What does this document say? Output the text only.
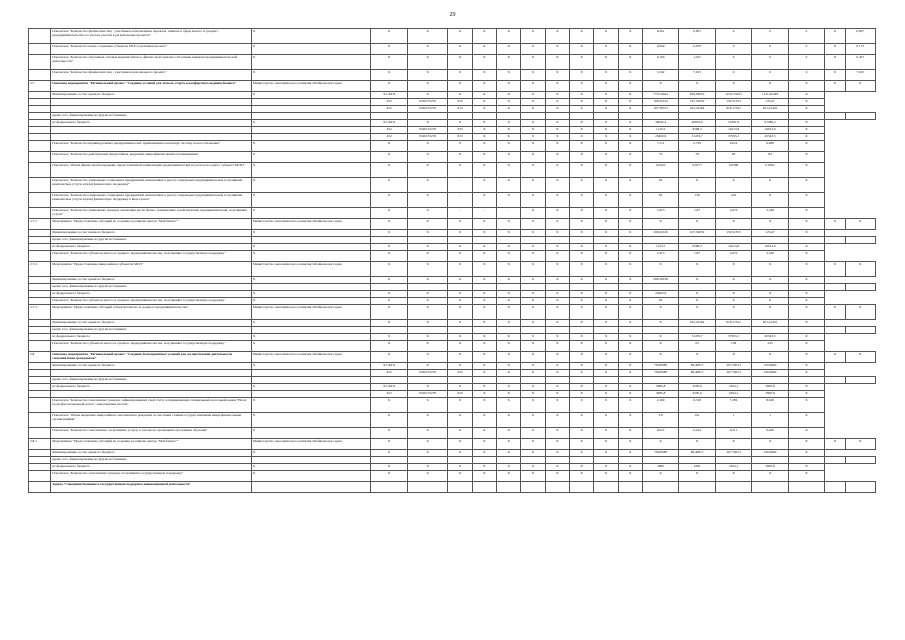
29
	Показатель "Количество физических лиц - участников региональных проектов, занятых в сфере малого и среднего предпринимательства, по итогам участия в региональных проектах"	X	X	X	X	X	X	X	X	X	X	X	6,261	0,007	0	0	0		X	0,007
	Показатель "Количество вновь созданных субъектов МСП участников проекта"	X	X	X	X	X	X	X	X	X	X	X	0,069	0,079	0	0	0		X	0,173
	Показатель "Количество обученных основам ведения бизнеса, финансовой грамотности и иным навыкам предпринимательской деятельности"	X	X	X	X	X	X	X	X	X	X	X	6,100	1,457	0	0	0		X	0,457
	Показатель "Количество физических лиц - участников регионального проекта"	X	X	X	X	X	X	X	X	X	X	X	3,342	7,915	0	0	0		X	7,915
2.7	Основное мероприятие "Региональный проект "Создание условий для легкого старта и комфортного ведения бизнеса"	Министерство экономического развития Забайкальского края	X	X	X	X	X	X	X	X	X	X	X	X	X	X	X		X	X
	Финансирование за счет краевого бюджета	X	X.СКГО	X	X	X	X	X	X	X	X	X	775,54024	819,03019	1031,23255	1211,00429	X	
			452	0320155270	633	X	X	X	X	X	X	X	168,32145	107,52059	150,51353	125,47	X	
			452	0320155270	813	X	X	X	X	X	X	X	107,39373	912,34164	918,17341	921,41425	X	
	кроме того, финансирование из других источников:																			
	из федерального бюджета	X	X.СКГО	X	X	X	X	X	X	X	X	X	36092,4	40659,9	51891,9	61389,2	X	
			452	0320155270	633	X	X	X	X	X	X	X	1125,5	9568,2	14213,8	16014,9	X	
			452	0320155270	813	X	X	X	X	X	X	X	20460,9	31476,7	37593,1	45343,3	X	
	Показатель "Количество индивидуальных предпринимателей, применяющих патентную систему налогообложения"	X	X	X	X	X	X	X	X	X	X	X	7,511	2,729	6,019	6,489	X	
	Показатель "Количество действующих микрозаймов, выданных микрофинансовыми организациями"	X	X	X	X	X	X	X	X	X	X	X	73	78	83	84	X	
	Показатель "Объем финансовой поддержки, предоставленной начинающим предпринимателям (в расчете на одного субъекта МСП)"	X	X	X	X	X	X	X	X	X	X	X	0,0425	0,0277	0,0309	0,0302	X	
	Показатель "Количество уникальных социальных предприятий, включенных в реестр социальных предпринимателей, получивших комплексные услуги и (или) финансовую поддержку"	X	X	X	-	X	X	X	X	X	X	X	63	X	X	X	X	
	Показатель "Количество уникальных социальных предприятий, включенных в реестр социальных предпринимателей, получивших комплексные услуги и (или) финансовую поддержку в виде гранта"	X	X	X	-	X	X	X	X	X	X	X	63	158	243	X	X	
	Показатель "Количество уникальных граждан, желающих вести бизнес, начинающих и действующих предпринимателей, получивших услуги"	X	X	X	-	-	-	X	X	X	X	X	1,613	1,87	2,672	3,349	X	
2.7.1.	Мероприятие "Предоставление субсидий на создание и развитие центра "Мой бизнес""	Министерство экономического развития Забайкальского края	X	X	X	X	X	X	X	X	X	X	X	X	X	X	X		X	X
	Финансирование за счет краевого бюджета	X	X	X	X	X	X	X	X	X	X	X	168,32145	107,52059	150,51353	125,47	X	
	кроме того, финансирование из других источников:																			
	из федерального бюджета	X	X	X	X	X	X	X	X	X	X	X	1125,5	9568,2	14213,8	16014,9	X	
	Показатель "Количество субъектов малого и среднего предпринимательства, получивших государственную поддержку"	X	X	X	X	X	X	X	X	X	X	X	1,613	1,87	2,672	3,349	X	
2.7.2.	Мероприятие "Предоставление микрозаймов субъектам МСП"	Министерство экономического развития Забайкальского края	X	X	X	X	X	X	X	X	X	X	X	X	X	X	X		X	X
	Финансирование за счет краевого бюджета	X	X	X	X	X	X	X	X	X	X	X	568,16018	X	X	X	X	
	кроме того, финансирование из других источников:																			
	из федерального бюджета	X	X	X	X	X	X	X	X	X	X	X	29463,9	X	X	X	X	
	Показатель "Количество субъектов малого и среднего предпринимательства, получивших государственную поддержку"	X	X	X	X	X	X	X	X	X	X	X	63	X	X	X	X	
2.7.3.	Мероприятие "Предоставление субсидий субъектам малого и среднего предпринимательства"	Министерство экономического развития Забайкальского края	X	X	X	X	X	X	X	X	X	X	X	X	X	X	X		X	X
	Финансирование за счет краевого бюджета	X	X	X	X	X	X	X	X	X	X	X	X	912,34164	918,17341	921,41425	X	
	кроме того, финансирование из других источников:																			
	из федерального бюджета	X	X	X	X	X	X	X	X	X	X	X	X	31476,7	37593,1	45343,3	X	
	Показатель "Количество субъектов малого и среднего предпринимательства, получивших государственную поддержку"	X	X	X	X	X	X	X	X	X	X	X	X	63	158	243	X	
2.8.	Основное мероприятие "Региональный проект "Создание благоприятных условий для осуществления деятельности самозанятыми гражданами"	Министерство экономического развития Забайкальского края	X	X	X	X	X	X	X	X	X	X	X	X	X	X	X		X	X
	Финансирование за счет краевого бюджета	X	X.СКГО	X	X	X	X	X	X	X	X	X	78,69389	89,40817	207,76013	120,6994	X	
			452	0320155270	633	X	X	X	X	X	X	X	78,69389	89,40817	207,76013	120,6994	X	
	кроме того, финансирование из других источников:																			
	из федерального бюджета	X	X.СКГО	X	X	X	X	X	X	X	X	X	3985,8	4395,0	5294,1	5895,8	X	
			452	0320155270	633	X	X	X	X	X	X	X	3985,8	4395,0	5294,1	5895,8	X	
	Показатель "Количество самозанятых граждан, зафиксировавших свой статус и применяющих специальный налоговый режим "Налог на профессиональный доход", накопленным итогом"	X	X	X	X	X	X	X	X	X	X	X	2,169	6,318	7,459	8,029	X	
	Показатель "Объем выданных микрозаймов самозанятым гражданам по льготным ставкам государственными микрофинансовыми организациями"	X	X	X	X	X	X	X	X	X	X	X	3,8	6,9	1	1	X	
	Показатель "Количество самозанятых, получивших услуги, в том числе, прошедших программы обучения"	X	X	X	X	X	X	X	X	X	X	X	0,027	0,224	0,211	0,406	X	
2.8.1.	Мероприятие "Предоставление субсидий на создание и развитие центра "Мой бизнес""	Министерство экономического развития Забайкальского края	X	X	X	X	X	X	X	X	X	X	X	X	X	X	X		X	X
	Финансирование за счет краевого бюджета	X	X	X	X	X	X	X	X	X	X	X	78,69389	89,40817	207,76013	120,6994	X	
	кроме того, финансирование из других источников:																			
	из федерального бюджета	X	X	X	X	X	X	X	X	X	X	X	3895	4381	5294,1	5895,8	X	
	Показатель "Количество самозанятых граждан, получивших государственную поддержку"	X	X	X	X	X	X	X	X	X	X	X	X	X	X	X	X	
	Задача "Совершенствование и государственная поддержка инновационной деятельности"																			
